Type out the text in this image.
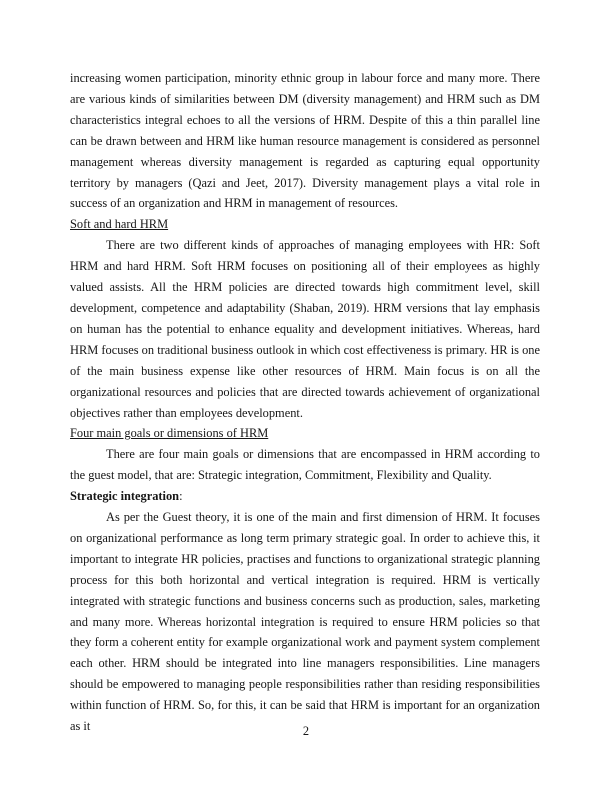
increasing women participation, minority ethnic group in labour force and many more. There are various kinds of similarities between DM (diversity management) and HRM such as DM characteristics integral echoes to all the versions of HRM. Despite of this a thin parallel line can be drawn between and HRM like human resource management is considered as personnel management whereas diversity management is regarded as capturing equal opportunity territory by managers (Qazi and Jeet, 2017). Diversity management plays a vital role in success of an organization and HRM in management of resources.

Soft and hard HRM

There are two different kinds of approaches of managing employees with HR: Soft HRM and hard HRM. Soft HRM focuses on positioning all of their employees as highly valued assists. All the HRM policies are directed towards high commitment level, skill development, competence and adaptability (Shaban, 2019). HRM versions that lay emphasis on human has the potential to enhance equality and development initiatives. Whereas, hard HRM focuses on traditional business outlook in which cost effectiveness is primary. HR is one of the main business expense like other resources of HRM. Main focus is on all the organizational resources and policies that are directed towards achievement of organizational objectives rather than employees development.

Four main goals or dimensions of HRM

There are four main goals or dimensions that are encompassed in HRM according to the guest model, that are: Strategic integration, Commitment, Flexibility and Quality.

Strategic integration:

As per the Guest theory, it is one of the main and first dimension of HRM. It focuses on organizational performance as long term primary strategic goal. In order to achieve this, it important to integrate HR policies, practises and functions to organizational strategic planning process for this both horizontal and vertical integration is required. HRM is vertically integrated with strategic functions and business concerns such as production, sales, marketing and many more. Whereas horizontal integration is required to ensure HRM policies so that they form a coherent entity for example organizational work and payment system complement each other. HRM should be integrated into line managers responsibilities. Line managers should be empowered to managing people responsibilities rather than residing responsibilities within function of HRM. So, for this, it can be said that HRM is important for an organization as it	2
